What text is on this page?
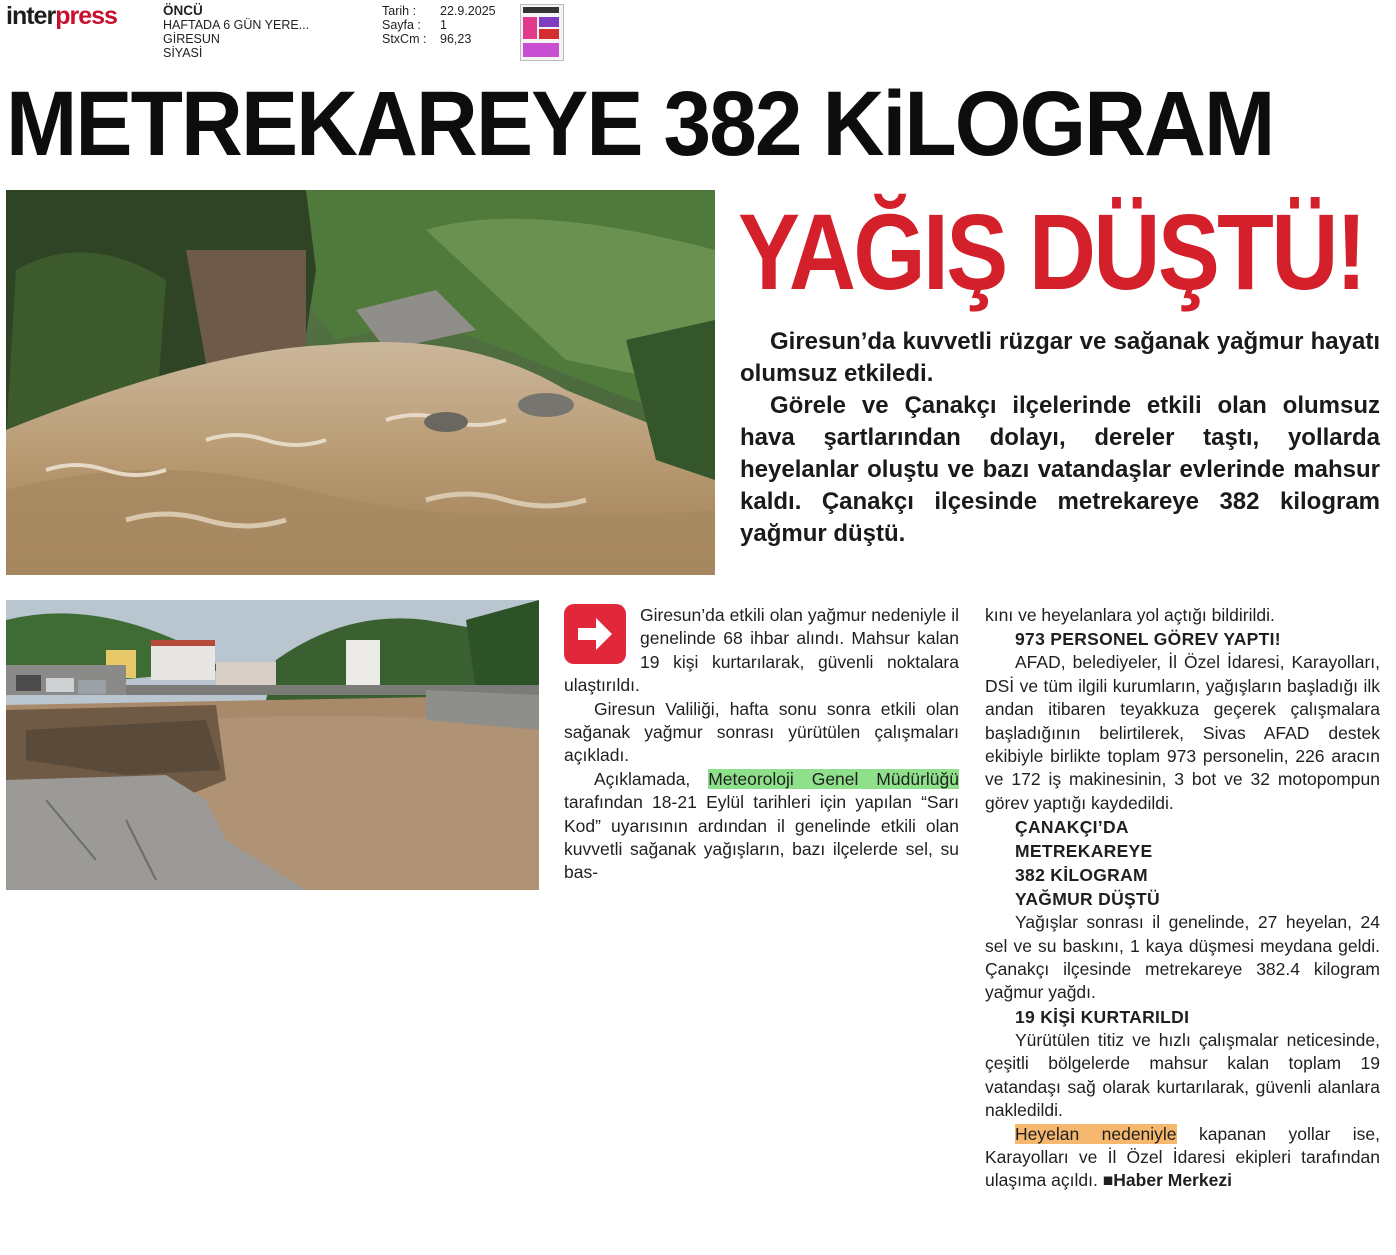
interpress	ÖNCÜ
HAFTADA 6 GÜN YERE...
GİRESUN
SİYASİ
Tarih :	22.9.2025
Sayfa :	1
StxCm :	96,23
METREKAREYE 382 KiLOGRAM
YAĞIŞ DÜŞTÜ!

Giresun’da kuvvetli rüzgar ve sağanak yağmur hayatı olumsuz etkiledi.

Görele ve Çanakçı ilçelerinde etkili olan olumsuz hava şartlarından dolayı, dereler taştı, yollarda heyelanlar oluştu ve bazı vatandaşlar evlerinde mahsur kaldı. Çanakçı ilçesinde metrekareye 382 kilogram yağmur düştü.

Giresun’da etkili olan yağmur nedeniyle il genelinde 68 ihbar alındı. Mahsur kalan 19 kişi kurtarılarak, güvenli noktalara ulaştırıldı.

Giresun Valiliği, hafta sonu sonra etkili olan sağanak yağmur sonrası yürütülen çalışmaları açıkladı.

Açıklamada, Meteoroloji Genel Müdürlüğü tarafından 18-21 Eylül tarihleri için yapılan “Sarı Kod” uyarısının ardından il genelinde etkili olan kuvvetli sağanak yağışların, bazı ilçelerde sel, su bas-

kını ve heyelanlara yol açtığı bildirildi.

973 PERSONEL GÖREV YAPTI!

AFAD, belediyeler, İl Özel İdaresi, Karayolları, DSİ ve tüm ilgili kurumların, yağışların başladığı ilk andan itibaren teyakkuza geçerek çalışmalara başladığının belirtilerek, Sivas AFAD destek ekibiyle birlikte toplam 973 personelin, 226 aracın ve 172 iş makinesinin, 3 bot ve 32 motopompun görev yaptığı kaydedildi.

ÇANAKÇI’DA
METREKAREYE
382 KİLOGRAM
YAĞMUR DÜŞTÜ

Yağışlar sonrası il genelinde, 27 heyelan, 24 sel ve su baskını, 1 kaya düşmesi meydana geldi. Çanakçı ilçesinde metrekareye 382.4 kilogram yağmur yağdı.

19 KİŞİ KURTARILDI

Yürütülen titiz ve hızlı çalışmalar neticesinde, çeşitli bölgelerde mahsur kalan toplam 19 vatandaşı sağ olarak kurtarılarak, güvenli alanlara nakledildi.

Heyelan nedeniyle kapanan yollar ise, Karayolları ve İl Özel İdaresi ekipleri tarafından ulaşıma açıldı. ■Haber Merkezi
